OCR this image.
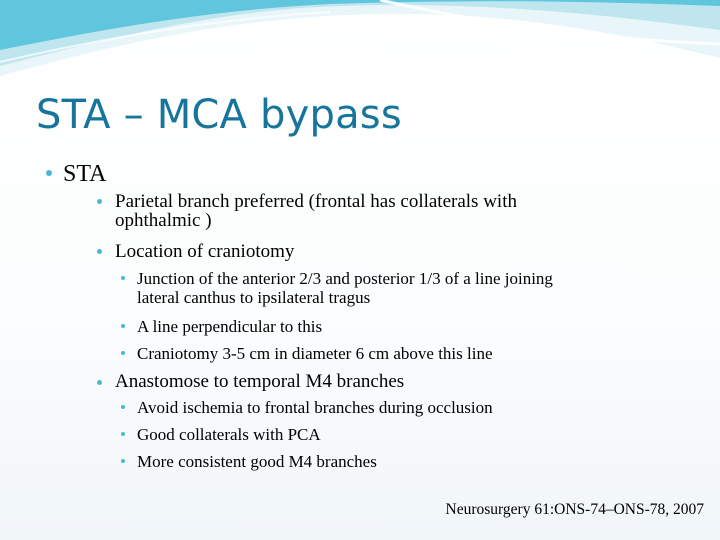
STA – MCA bypass
STA
Parietal branch preferred (frontal has collaterals with
ophthalmic )
Location of craniotomy
Junction of the anterior 2/3 and posterior 1/3 of a line joining
lateral canthus to ipsilateral tragus
A line perpendicular to this
Craniotomy 3-5 cm in diameter 6 cm above this line
Anastomose to temporal M4 branches
Avoid ischemia to frontal branches during occlusion
Good collaterals with PCA
More consistent good M4 branches
Neurosurgery 61:ONS-74–ONS-78, 2007
